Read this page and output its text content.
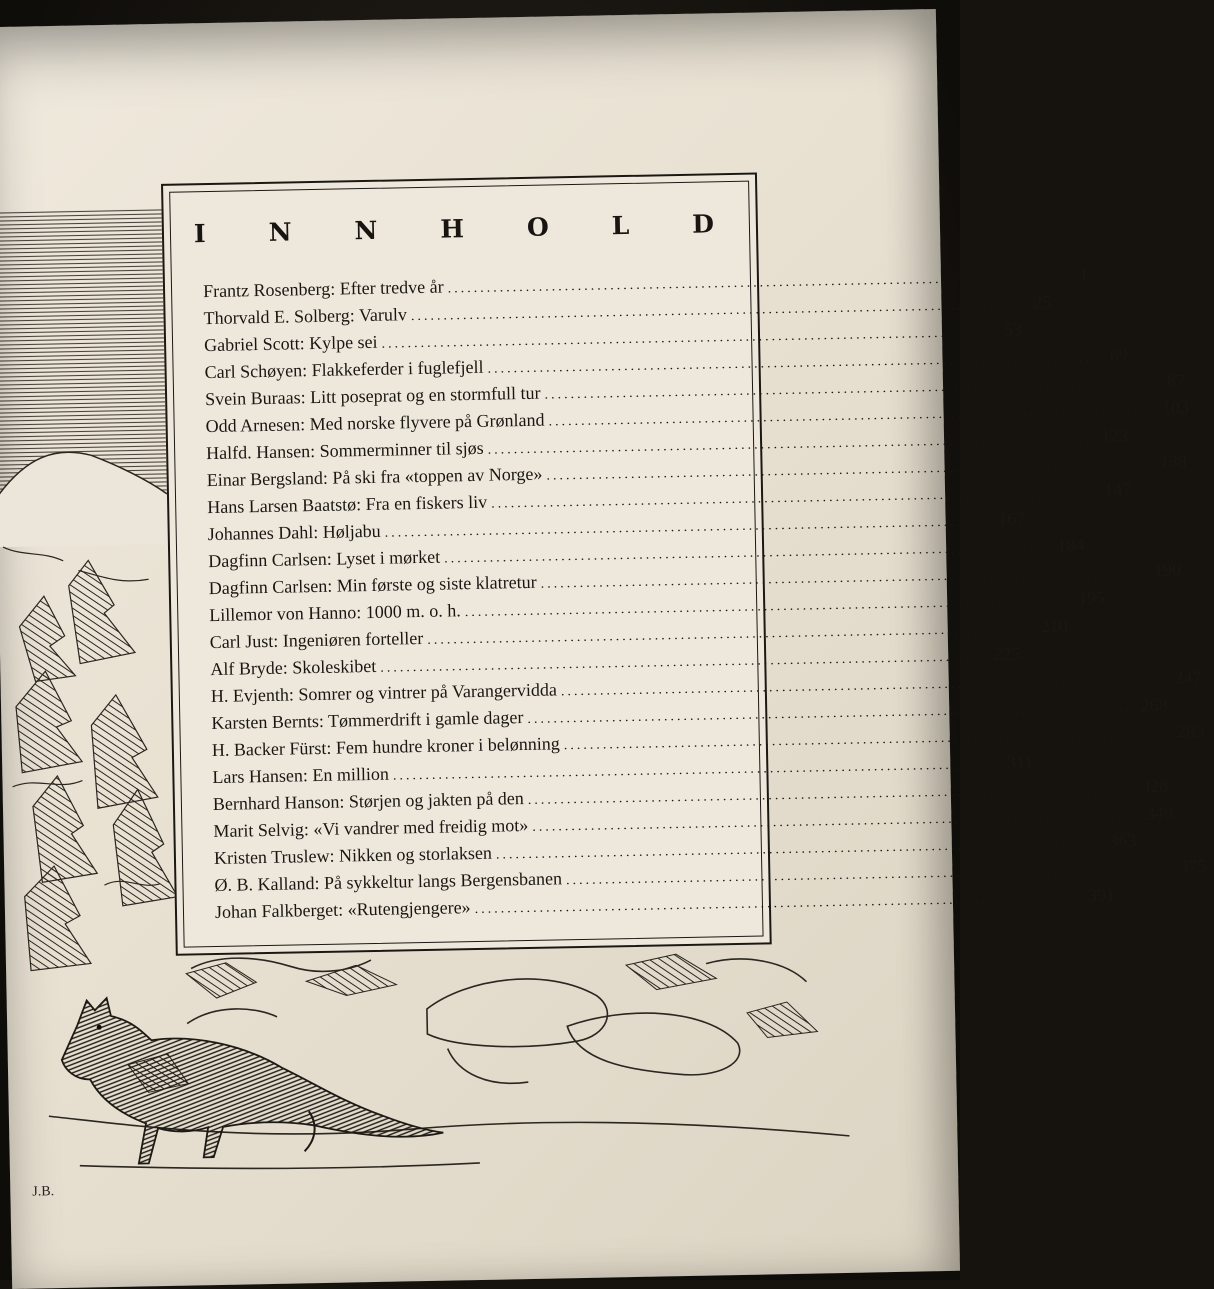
I N N H O L D
Frantz Rosenberg: Efter tredve år
.....
1
Thorvald E. Solberg: Varulv
.....
25
Gabriel Scott: Kylpe sei
.....
53
Carl Schøyen: Flakkeferder i fuglefjell
.....
69
Svein Buraas: Litt poseprat og en stormfull tur
.....
87
Odd Arnesen: Med norske flyvere på Grønland
.....
103
Halfd. Hansen: Sommerminner til sjøs
.....
123
Einar Bergsland: På ski fra «toppen av Norge»
.....
139
Hans Larsen Baatstø: Fra en fiskers liv
.....
147
Johannes Dahl: Høljabu
.....
167
Dagfinn Carlsen: Lyset i mørket
.....
184
Dagfinn Carlsen: Min første og siste klatretur
.....
190
Lillemor von Hanno: 1000 m. o. h.
.....
195
Carl Just: Ingeniøren forteller
.....
210
Alf Bryde: Skoleskibet
.....
225
H. Evjenth: Somrer og vintrer på Varangervidda
.....
247
Karsten Bernts: Tømmerdrift i gamle dager
.....
268
H. Backer Fürst: Fem hundre kroner i belønning
.....
285
Lars Hansen: En million
.....
311
Bernhard Hanson: Størjen og jakten på den
.....
328
Marit Selvig: «Vi vandrer med freidig mot»
.....
348
Kristen Truslew: Nikken og storlaksen
.....
363
Ø. B. Kalland: På sykkeltur langs Bergensbanen
.....
375
Johan Falkberget: «Rutengjengere»
.....
391
J.B.
